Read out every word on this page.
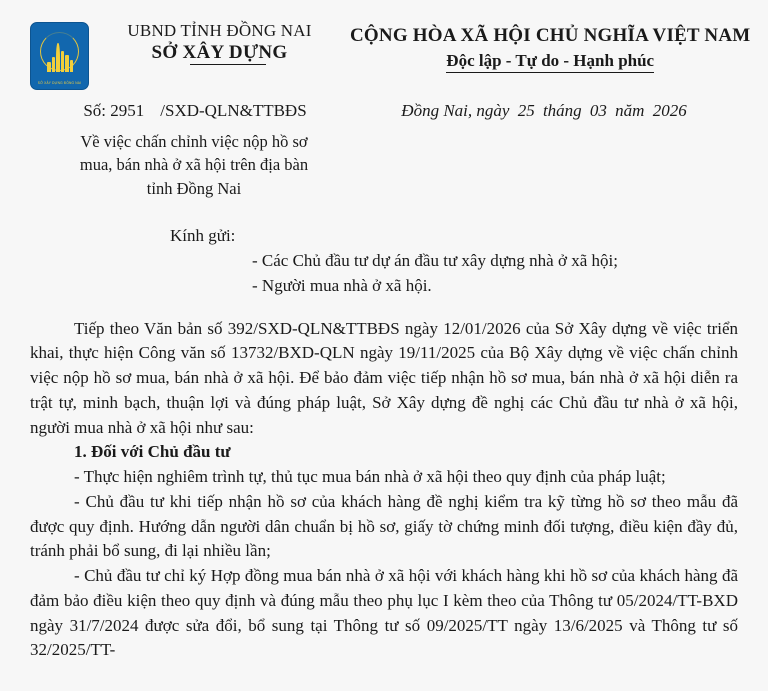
SỞ XÂY DỰNG ĐỒNG NAI
UBND TỈNH ĐỒNG NAI
SỞ XÂY DỰNG
CỘNG HÒA XÃ HỘI CHỦ NGHĨA VIỆT NAM
Độc lập - Tự do - Hạnh phúc
Số: 2951 /SXD-QLN&TTBĐS	Đồng Nai, ngày 25 tháng 03 năm 2026
Về việc chấn chỉnh việc nộp hồ sơ
mua, bán nhà ở xã hội trên địa bàn
tỉnh Đồng Nai
Kính gửi:
- Các Chủ đầu tư dự án đầu tư xây dựng nhà ở xã hội;
- Người mua nhà ở xã hội.

Tiếp theo Văn bản số 392/SXD-QLN&TTBĐS ngày 12/01/2026 của Sở Xây dựng về việc triển khai, thực hiện Công văn số 13732/BXD-QLN ngày 19/11/2025 của Bộ Xây dựng về việc chấn chỉnh việc nộp hồ sơ mua, bán nhà ở xã hội. Để bảo đảm việc tiếp nhận hồ sơ mua, bán nhà ở xã hội diễn ra trật tự, minh bạch, thuận lợi và đúng pháp luật, Sở Xây dựng đề nghị các Chủ đầu tư nhà ở xã hội, người mua nhà ở xã hội như sau:

1. Đối với Chủ đầu tư

- Thực hiện nghiêm trình tự, thủ tục mua bán nhà ở xã hội theo quy định của pháp luật;

- Chủ đầu tư khi tiếp nhận hồ sơ của khách hàng đề nghị kiểm tra kỹ từng hồ sơ theo mẫu đã được quy định. Hướng dẫn người dân chuẩn bị hồ sơ, giấy tờ chứng minh đối tượng, điều kiện đầy đủ, tránh phải bổ sung, đi lại nhiều lần;

- Chủ đầu tư chỉ ký Hợp đồng mua bán nhà ở xã hội với khách hàng khi hồ sơ của khách hàng đã đảm bảo điều kiện theo quy định và đúng mẫu theo phụ lục I kèm theo của Thông tư 05/2024/TT-BXD ngày 31/7/2024 được sửa đổi, bổ sung tại Thông tư số 09/2025/TT ngày 13/6/2025 và Thông tư số 32/2025/TT-
